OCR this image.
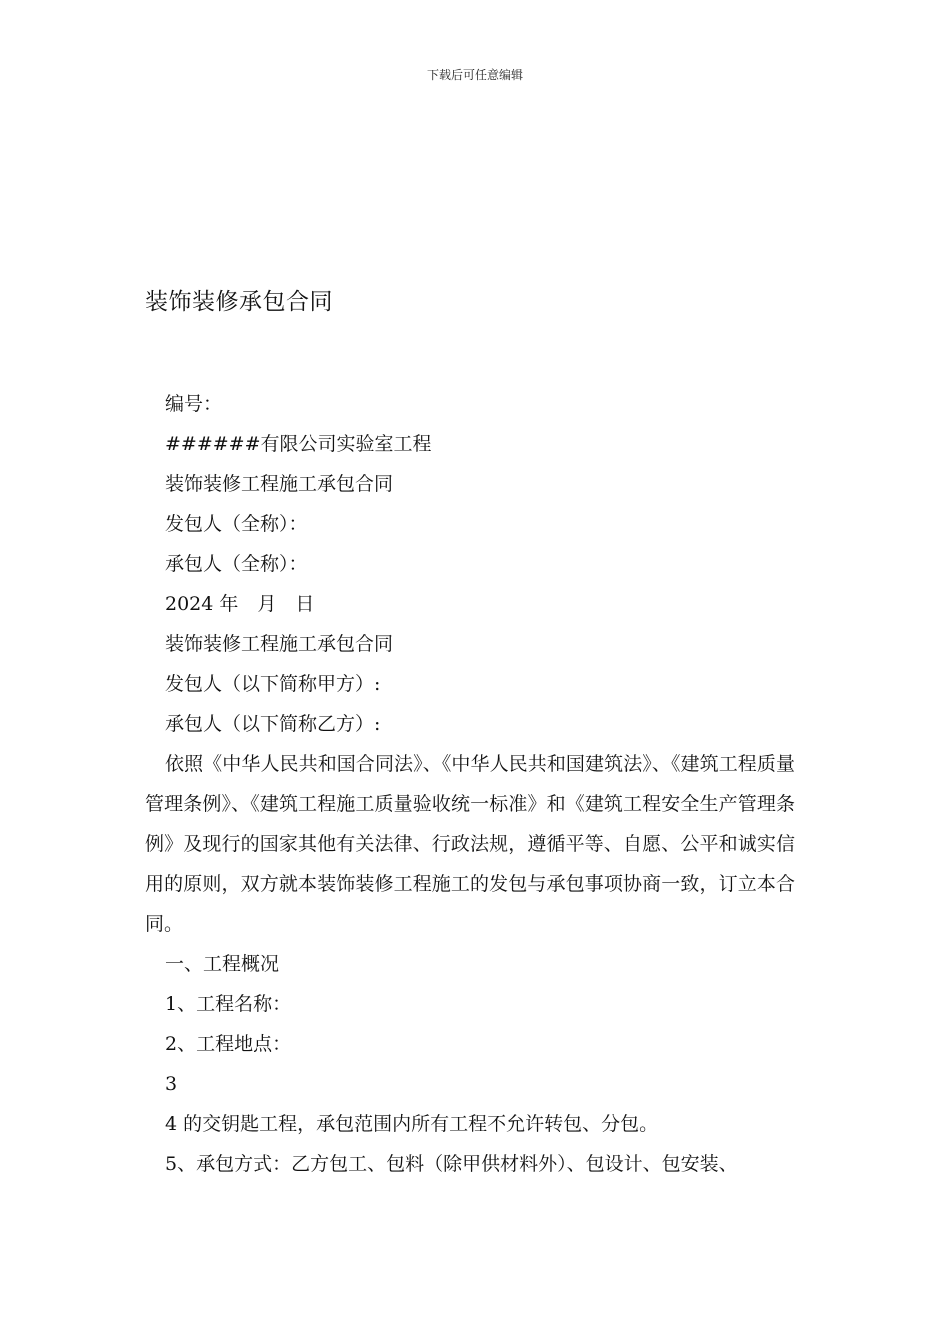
下载后可任意编辑
装饰装修承包合同

编号：

######有限公司实验室工程

装饰装修工程施工承包合同

发包人（全称）：

承包人（全称）：

2024 年　月　日

装饰装修工程施工承包合同

发包人（以下简称甲方）:

承包人（以下简称乙方）:

依照《中华人民共和国合同法》、《中华人民共和国建筑法》、《建筑工程质量管理条例》、《建筑工程施工质量验收统一标准》和《建筑工程安全生产管理条例》及现行的国家其他有关法律、行政法规，遵循平等、自愿、公平和诚实信用的原则，双方就本装饰装修工程施工的发包与承包事项协商一致，订立本合同。

一、工程概况

1、工程名称：

2、工程地点：

3

4 的交钥匙工程，承包范围内所有工程不允许转包、分包。

5、承包方式：乙方包工、包料（除甲供材料外）、包设计、包安装、
